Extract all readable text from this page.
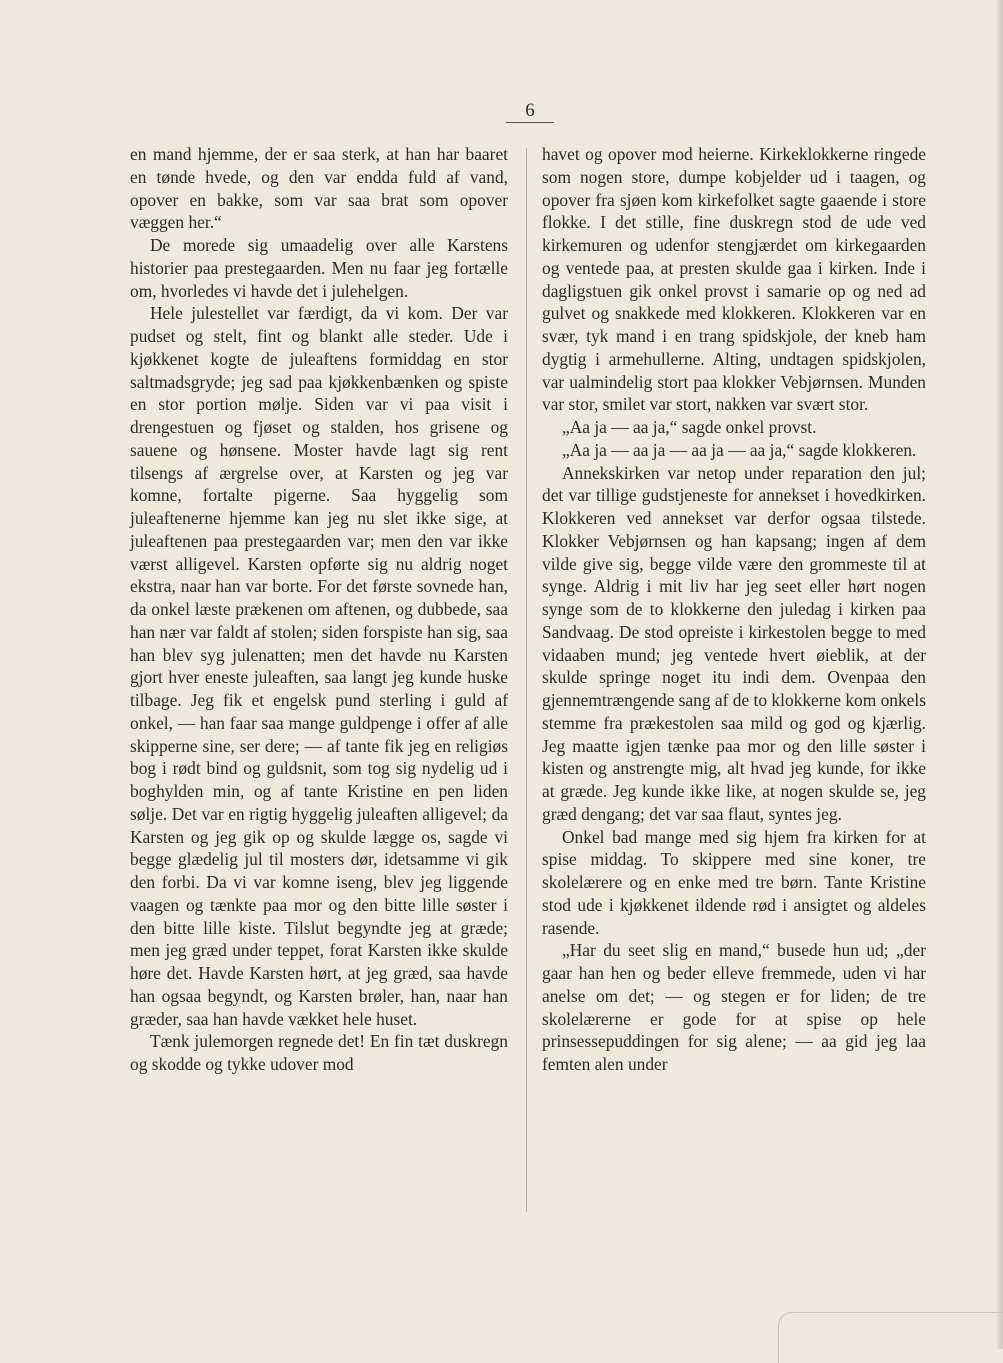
6

en mand hjemme, der er saa sterk, at han har baaret en tønde hvede, og den var endda fuld af vand, opover en bakke, som var saa brat som opover væggen her.“

De morede sig umaadelig over alle Karstens historier paa prestegaarden. Men nu faar jeg fortælle om, hvorledes vi havde det i julehelgen.

Hele julestellet var færdigt, da vi kom. Der var pudset og stelt, fint og blankt alle steder. Ude i kjøkkenet kogte de juleaftens formiddag en stor saltmadsgryde; jeg sad paa kjøkkenbænken og spiste en stor portion mølje. Siden var vi paa visit i drengestuen og fjøset og stalden, hos grisene og sauene og hønsene. Moster havde lagt sig rent tilsengs af ærgrelse over, at Karsten og jeg var komne, fortalte pigerne. Saa hyggelig som juleaftenerne hjemme kan jeg nu slet ikke sige, at juleaftenen paa prestegaarden var; men den var ikke værst alligevel. Karsten opførte sig nu aldrig noget ekstra, naar han var borte. For det første sovnede han, da onkel læste prækenen om aftenen, og dubbede, saa han nær var faldt af stolen; siden forspiste han sig, saa han blev syg julenatten; men det havde nu Karsten gjort hver eneste juleaften, saa langt jeg kunde huske tilbage. Jeg fik et engelsk pund sterling i guld af onkel, — han faar saa mange guldpenge i offer af alle skipperne sine, ser dere; — af tante fik jeg en religiøs bog i rødt bind og guldsnit, som tog sig nydelig ud i boghylden min, og af tante Kristine en pen liden sølje. Det var en rigtig hyggelig juleaften alligevel; da Karsten og jeg gik op og skulde lægge os, sagde vi begge glædelig jul til mosters dør, idetsamme vi gik den forbi. Da vi var komne iseng, blev jeg liggende vaagen og tænkte paa mor og den bitte lille søster i den bitte lille kiste. Tilslut begyndte jeg at græde; men jeg græd under teppet, forat Karsten ikke skulde høre det. Havde Karsten hørt, at jeg græd, saa havde han ogsaa begyndt, og Karsten brøler, han, naar han græder, saa han havde vækket hele huset.

Tænk julemorgen regnede det! En fin tæt duskregn og skodde og tykke udover mod

havet og opover mod heierne. Kirkeklokkerne ringede som nogen store, dumpe kobjelder ud i taagen, og opover fra sjøen kom kirkefolket sagte gaaende i store flokke. I det stille, fine duskregn stod de ude ved kirkemuren og udenfor stengjærdet om kirkegaarden og ventede paa, at presten skulde gaa i kirken. Inde i dagligstuen gik onkel provst i samarie op og ned ad gulvet og snakkede med klokkeren. Klokkeren var en svær, tyk mand i en trang spidskjole, der kneb ham dygtig i armehullerne. Alting, undtagen spidskjolen, var ualmindelig stort paa klokker Vebjørnsen. Munden var stor, smilet var stort, nakken var svært stor.

„Aa ja — aa ja,“ sagde onkel provst.

„Aa ja — aa ja — aa ja — aa ja,“ sagde klokkeren.

Annekskirken var netop under reparation den jul; det var tillige gudstjeneste for annekset i hovedkirken. Klokkeren ved annekset var derfor ogsaa tilstede. Klokker Vebjørnsen og han kapsang; ingen af dem vilde give sig, begge vilde være den grommeste til at synge. Aldrig i mit liv har jeg seet eller hørt nogen synge som de to klokkerne den juledag i kirken paa Sandvaag. De stod opreiste i kirkestolen begge to med vidaaben mund; jeg ventede hvert øieblik, at der skulde springe noget itu indi dem. Ovenpaa den gjennemtrængende sang af de to klokkerne kom onkels stemme fra prækestolen saa mild og god og kjærlig. Jeg maatte igjen tænke paa mor og den lille søster i kisten og anstrengte mig, alt hvad jeg kunde, for ikke at græde. Jeg kunde ikke like, at nogen skulde se, jeg græd dengang; det var saa flaut, syntes jeg.

Onkel bad mange med sig hjem fra kirken for at spise middag. To skippere med sine koner, tre skolelærere og en enke med tre børn. Tante Kristine stod ude i kjøkkenet ildende rød i ansigtet og aldeles rasende.

„Har du seet slig en mand,“ busede hun ud; „der gaar han hen og beder elleve fremmede, uden vi har anelse om det; — og stegen er for liden; de tre skolelærerne er gode for at spise op hele prinsessepuddingen for sig alene; — aa gid jeg laa femten alen under
